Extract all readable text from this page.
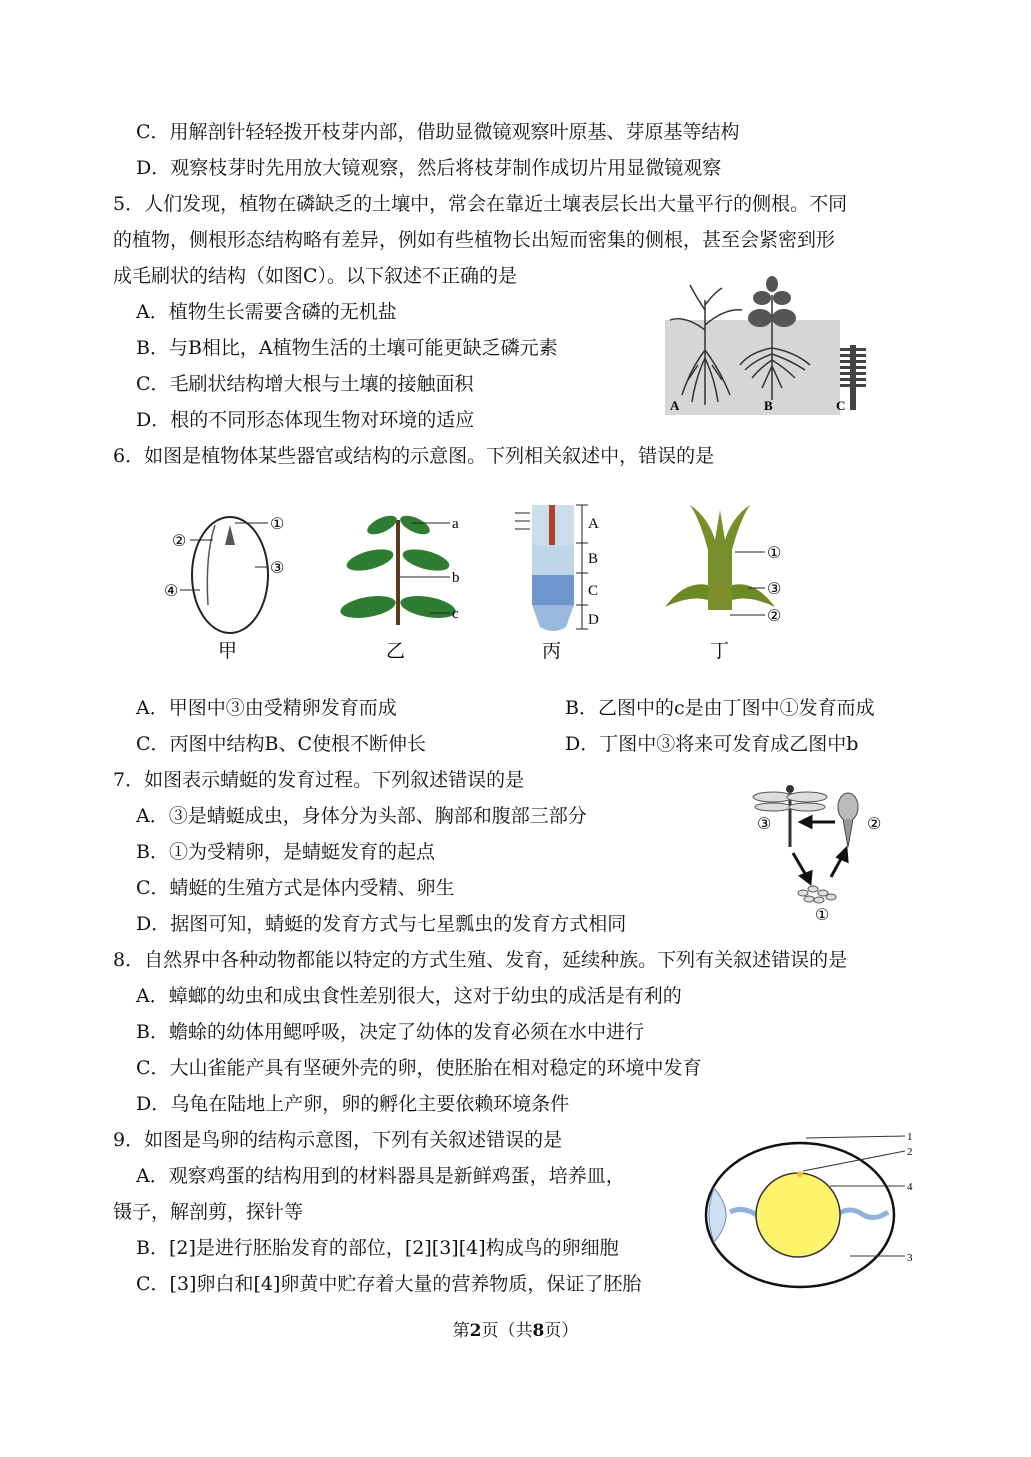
C．用解剖针轻轻拨开枝芽内部，借助显微镜观察叶原基、芽原基等结构
D．观察枝芽时先用放大镜观察，然后将枝芽制作成切片用显微镜观察
5．人们发现，植物在磷缺乏的土壤中，常会在靠近土壤表层长出大量平行的侧根。不同
的植物，侧根形态结构略有差异，例如有些植物长出短而密集的侧根，甚至会紧密到形
成毛刷状的结构（如图C）。以下叙述不正确的是
A．植物生长需要含磷的无机盐
B．与B相比，A植物生活的土壤可能更缺乏磷元素
C．毛刷状结构增大根与土壤的接触面积
D．根的不同形态体现生物对环境的适应
A	B	C
6．如图是植物体某些器官或结构的示意图。下列相关叙述中，错误的是
①
②
③
④
甲
a
b
c
乙
A
B
C
D
丙
①
②
③
丁
A．甲图中③由受精卵发育而成	B．乙图中的c是由丁图中①发育而成
C．丙图中结构B、C使根不断伸长	D．丁图中③将来可发育成乙图中b
7．如图表示蜻蜓的发育过程。下列叙述错误的是
A．③是蜻蜓成虫，身体分为头部、胸部和腹部三部分
B．①为受精卵，是蜻蜓发育的起点
C．蜻蜓的生殖方式是体内受精、卵生
D．据图可知，蜻蜓的发育方式与七星瓢虫的发育方式相同
③	②
①
8．自然界中各种动物都能以特定的方式生殖、发育，延续种族。下列有关叙述错误的是
A．蟑螂的幼虫和成虫食性差别很大，这对于幼虫的成活是有利的
B．蟾蜍的幼体用鳃呼吸，决定了幼体的发育必须在水中进行
C．大山雀能产具有坚硬外壳的卵，使胚胎在相对稳定的环境中发育
D．乌龟在陆地上产卵，卵的孵化主要依赖环境条件
9．如图是鸟卵的结构示意图，下列有关叙述错误的是
A．观察鸡蛋的结构用到的材料器具是新鲜鸡蛋，培养皿，
镊子，解剖剪，探针等
B．[2]是进行胚胎发育的部位，[2][3][4]构成鸟的卵细胞
C．[3]卵白和[4]卵黄中贮存着大量的营养物质，保证了胚胎
1
2
3
4
第2页（共8页）
